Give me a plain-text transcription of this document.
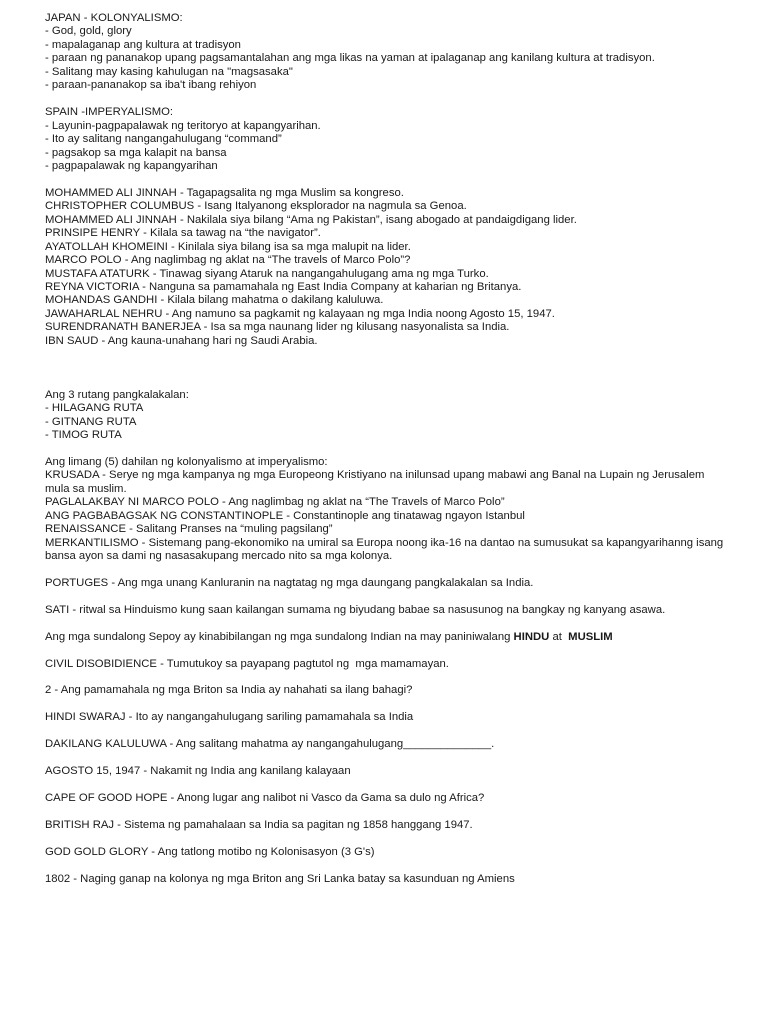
JAPAN - KOLONYALISMO:
- God, gold, glory
- mapalaganap ang kultura at tradisyon
- paraan ng pananakop upang pagsamantalahan ang mga likas na yaman at ipalaganap ang kanilang kultura at tradisyon.
- Salitang may kasing kahulugan na "magsasaka"
- paraan-pananakop sa iba't ibang rehiyon
SPAIN -IMPERYALISMO:
- Layunin-pagpapalawak ng teritoryo at kapangyarihan.
- Ito ay salitang nangangahulugang “command”
- pagsakop sa mga kalapit na bansa
- pagpapalawak ng kapangyarihan
MOHAMMED ALI JINNAH - Tagapagsalita ng mga Muslim sa kongreso.
CHRISTOPHER COLUMBUS - Isang Italyanong eksplorador na nagmula sa Genoa.
MOHAMMED ALI JINNAH - Nakilala siya bilang “Ama ng Pakistan”, isang abogado at pandaigdigang lider.
PRINSIPE HENRY - Kilala sa tawag na “the navigator”.
AYATOLLAH KHOMEINI - Kinilala siya bilang isa sa mga malupit na lider.
MARCO POLO - Ang naglimbag ng aklat na “The travels of Marco Polo”?
MUSTAFA ATATURK - Tinawag siyang Ataruk na nangangahulugang ama ng mga Turko.
REYNA VICTORIA - Nanguna sa pamamahala ng East India Company at kaharian ng Britanya.
MOHANDAS GANDHI - Kilala bilang mahatma o dakilang kaluluwa.
JAWAHARLAL NEHRU - Ang namuno sa pagkamit ng kalayaan ng mga India noong Agosto 15, 1947.
SURENDRANATH BANERJEA - Isa sa mga naunang lider ng kilusang nasyonalista sa India.
IBN SAUD - Ang kauna-unahang hari ng Saudi Arabia.
Ang 3 rutang pangkalakalan:
- HILAGANG RUTA
- GITNANG RUTA
- TIMOG RUTA
Ang limang (5) dahilan ng kolonyalismo at imperyalismo:
KRUSADA - Serye ng mga kampanya ng mga Europeong Kristiyano na inilunsad upang mabawi ang Banal na Lupain ng Jerusalem mula sa muslim.
PAGLALAKBAY NI MARCO POLO - Ang naglimbag ng aklat na “The Travels of Marco Polo”
ANG PAGBABAGSAK NG CONSTANTINOPLE - Constantinople ang tinatawag ngayon Istanbul
RENAISSANCE - Salitang Pranses na “muling pagsilang”
MERKANTILISMO - Sistemang pang-ekonomiko na umiral sa Europa noong ika-16 na dantao na sumusukat sa kapangyarihanng isang bansa ayon sa dami ng nasasakupang mercado nito sa mga kolonya.

PORTUGES - Ang mga unang Kanluranin na nagtatag ng mga daungang pangkalakalan sa India.

SATI - ritwal sa Hinduismo kung saan kailangan sumama ng biyudang babae sa nasusunog na bangkay ng kanyang asawa.

Ang mga sundalong Sepoy ay kinabibilangan ng mga sundalong Indian na may paniniwalang HINDU at  MUSLIM

CIVIL DISOBIDIENCE - Tumutukoy sa payapang pagtutol ng  mga mamamayan.

2 - Ang pamamahala ng mga Briton sa India ay nahahati sa ilang bahagi?

HINDI SWARAJ - Ito ay nangangahulugang sariling pamamahala sa India

DAKILANG KALULUWA - Ang salitang mahatma ay nangangahulugang______________.

AGOSTO 15, 1947 - Nakamit ng India ang kanilang kalayaan

CAPE OF GOOD HOPE - Anong lugar ang nalibot ni Vasco da Gama sa dulo ng Africa?

BRITISH RAJ - Sistema ng pamahalaan sa India sa pagitan ng 1858 hanggang 1947.

GOD GOLD GLORY - Ang tatlong motibo ng Kolonisasyon (3 G's)

1802 - Naging ganap na kolonya ng mga Briton ang Sri Lanka batay sa kasunduan ng Amiens
